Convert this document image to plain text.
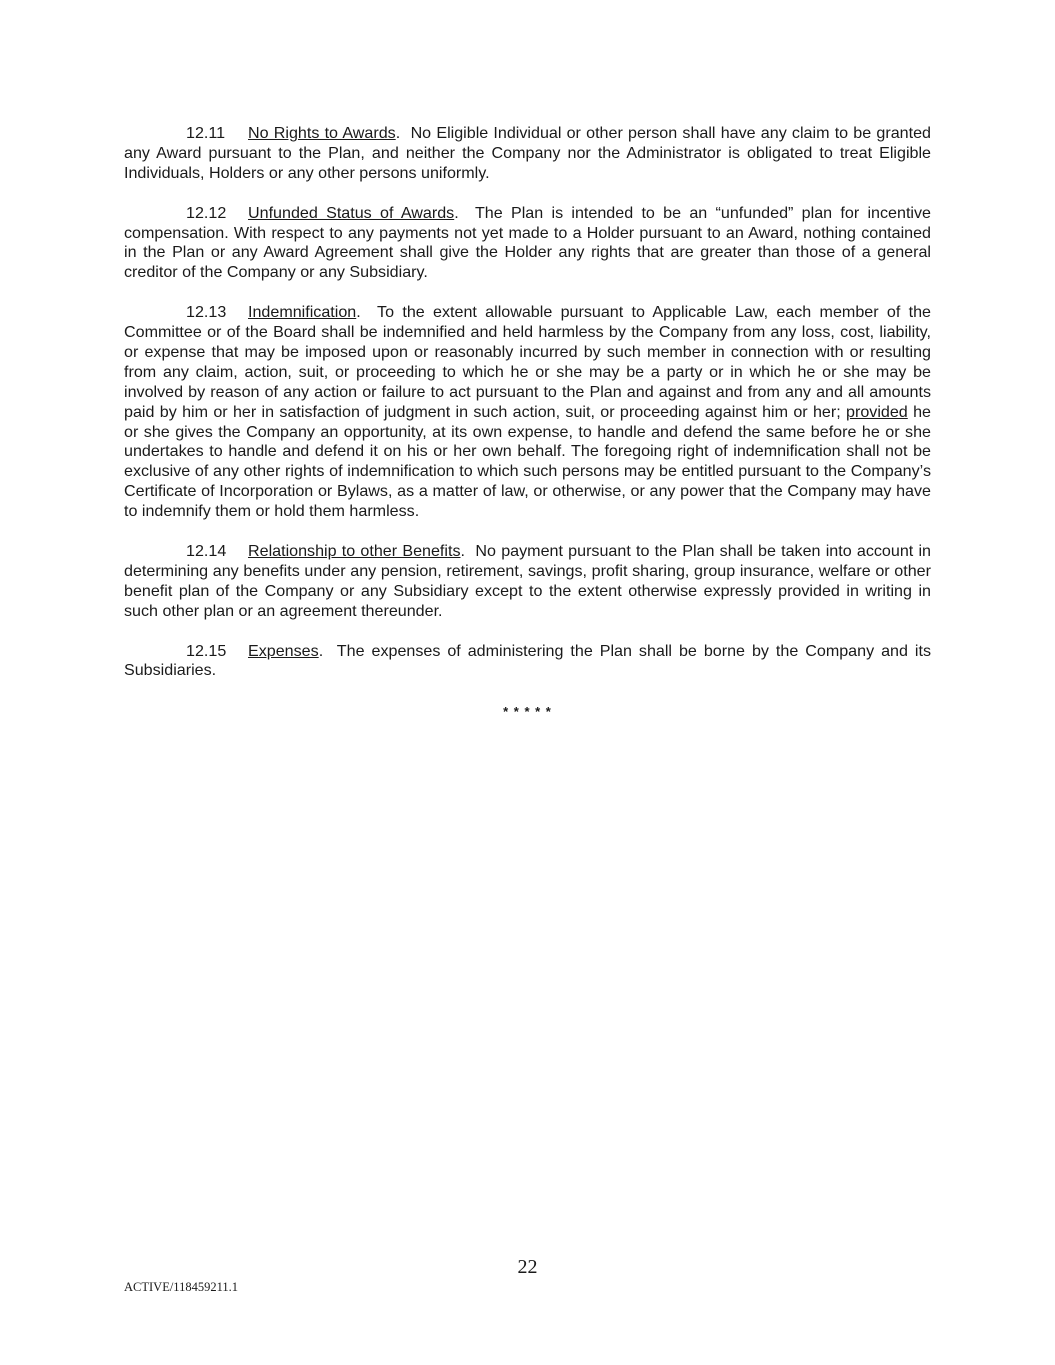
12.11 No Rights to Awards.  No Eligible Individual or other person shall have any claim to be granted any Award pursuant to the Plan, and neither the Company nor the Administrator is obligated to treat Eligible Individuals, Holders or any other persons uniformly.

12.12 Unfunded Status of Awards.  The Plan is intended to be an “unfunded” plan for incentive compensation. With respect to any payments not yet made to a Holder pursuant to an Award, nothing contained in the Plan or any Award Agreement shall give the Holder any rights that are greater than those of a general creditor of the Company or any Subsidiary.

12.13 Indemnification.  To the extent allowable pursuant to Applicable Law, each member of the Committee or of the Board shall be indemnified and held harmless by the Company from any loss, cost, liability, or expense that may be imposed upon or reasonably incurred by such member in connection with or resulting from any claim, action, suit, or proceeding to which he or she may be a party or in which he or she may be involved by reason of any action or failure to act pursuant to the Plan and against and from any and all amounts paid by him or her in satisfaction of judgment in such action, suit, or proceeding against him or her; provided he or she gives the Company an opportunity, at its own expense, to handle and defend the same before he or she undertakes to handle and defend it on his or her own behalf. The foregoing right of indemnification shall not be exclusive of any other rights of indemnification to which such persons may be entitled pursuant to the Company’s Certificate of Incorporation or Bylaws, as a matter of law, or otherwise, or any power that the Company may have to indemnify them or hold them harmless.

12.14 Relationship to other Benefits.  No payment pursuant to the Plan shall be taken into account in determining any benefits under any pension, retirement, savings, profit sharing, group insurance, welfare or other benefit plan of the Company or any Subsidiary except to the extent otherwise expressly provided in writing in such other plan or an agreement thereunder.

12.15 Expenses.  The expenses of administering the Plan shall be borne by the Company and its Subsidiaries.

* * * * *
22
ACTIVE/118459211.1
